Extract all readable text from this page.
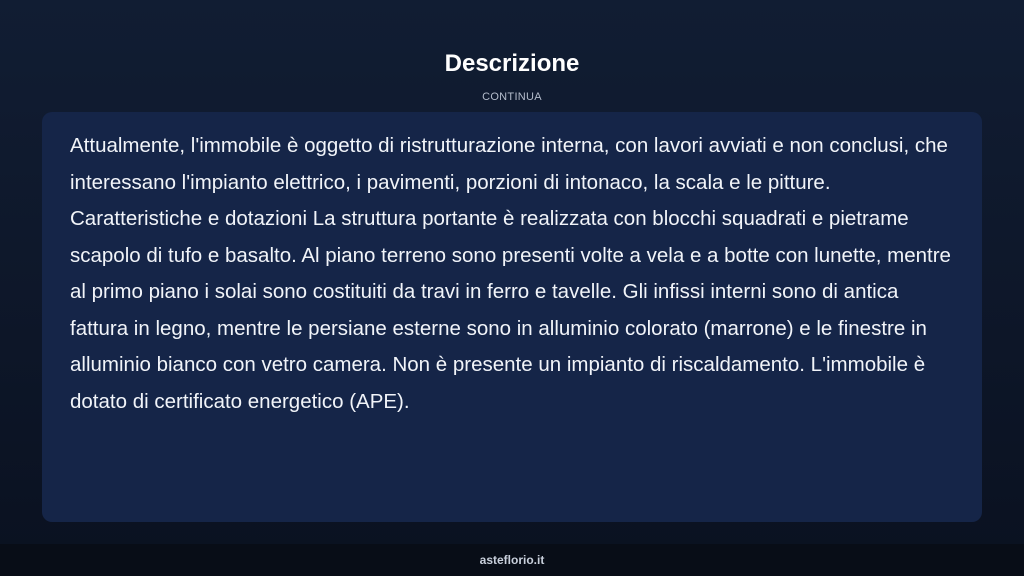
Descrizione
CONTINUA

Attualmente, l'immobile è oggetto di ristrutturazione interna, con lavori avviati e non conclusi, che interessano l'impianto elettrico, i pavimenti, porzioni di intonaco, la scala e le pitture. Caratteristiche e dotazioni La struttura portante è realizzata con blocchi squadrati e pietrame scapolo di tufo e basalto. Al piano terreno sono presenti volte a vela e a botte con lunette, mentre al primo piano i solai sono costituiti da travi in ferro e tavelle. Gli infissi interni sono di antica fattura in legno, mentre le persiane esterne sono in alluminio colorato (marrone) e le finestre in alluminio bianco con vetro camera. Non è presente un impianto di riscaldamento. L'immobile è dotato di certificato energetico (APE).

asteflorio.it
